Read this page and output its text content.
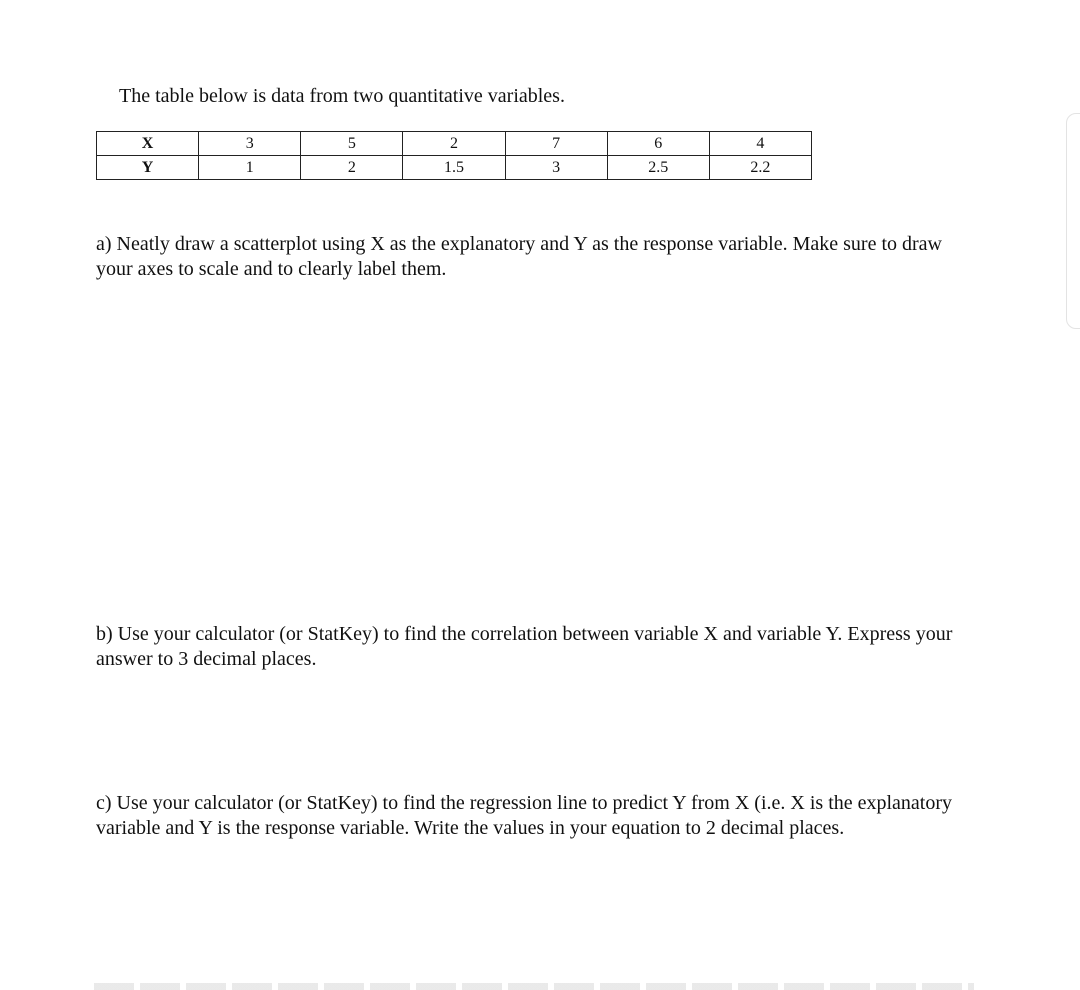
The table below is data from two quantitative variables.
X	3	5	2	7	6	4
Y	1	2	1.5	3	2.5	2.2
a) Neatly draw a scatterplot using X as the explanatory and Y as the response variable. Make sure to draw your axes to scale and to clearly label them.
b) Use your calculator (or StatKey) to find the correlation between variable X and variable Y. Express your answer to 3 decimal places.
c) Use your calculator (or StatKey) to find the regression line to predict Y from X (i.e. X is the explanatory variable and Y is the response variable. Write the values in your equation to 2 decimal places.
